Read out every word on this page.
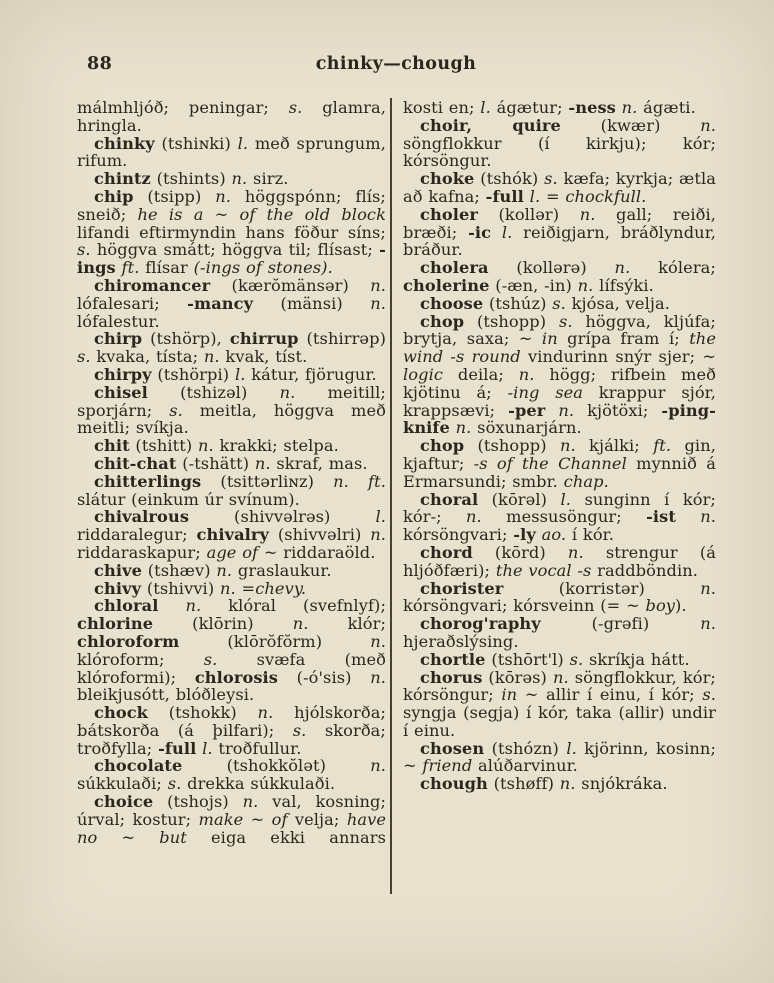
88	chinky—chough

málmhljóð; peningar; s. glamra, hringla.

chinky (tshiɴki) l. með sprungum, rifum.

chintz (tshints) n. sirz.

chip (tsipp) n. höggspónn; flís; sneið; he is a ~ of the old block lifandi eftirmyndin hans föður síns; s. höggva smátt; höggva til; flísast; -ings ft. flísar (-ings of stones).

chiromancer (kærŏmänsər) n. lófalesari; -mancy (mänsi) n. lófalestur.

chirp (tshörp), chirrup (tshirrəp) s. kvaka, tísta; n. kvak, tíst.

chirpy (tshörpi) l. kátur, fjörugur.

chisel (tshizəl) n. meitill; sporjárn; s. meitla, höggva með meitli; svíkja.

chit (tshitt) n. krakki; stelpa.

chit-chat (-tshätt) n. skraf, mas.

chitterlings (tsittərliɴz) n. ft. slátur (einkum úr svínum).

chivalrous (shivvəlrəs) l. riddaralegur; chivalry (shivvəlri) n. riddaraskapur; age of ~ riddaraöld.

chive (tshæv) n. graslaukur.

chivy (tshivvi) n. =chevy.

chloral n. klóral (svefnlyf); chlorine (klōrin) n. klór; chloroform (klōrŏfŏrm) n. klóroform; s. svæfa (með klóroformi); chlorosis (-ó'sis) n. bleikjusótt, blóðleysi.

chock (tshokk) n. hjólskorða; bátskorða (á þilfari); s. skorða; troðfylla; -full l. troðfullur.

chocolate (tshokkŏlət) n. súkkulaði; s. drekka súkkulaði.

choice (tshojs) n. val, kosning; úrval; kostur; make ~ of velja; have no ~ but eiga ekki annars

kosti en; l. ágætur; -ness n. ágæti.

choir, quire (kwær) n. söngflokkur (í kirkju); kór; kórsöngur.

choke (tshók) s. kæfa; kyrkja; ætla að kafna; -full l. = chockfull.

choler (kollər) n. gall; reiði, bræði; -ic l. reiðigjarn, bráðlyndur, bráður.

cholera (kollərə) n. kólera; cholerine (-æn, -in) n. lífsýki.

choose (tshúz) s. kjósa, velja.

chop (tshopp) s. höggva, kljúfa; brytja, saxa; ~ in grípa fram í; the wind -s round vindurinn snýr sjer; ~ logic deila; n. högg; rifbein með kjötinu á; -ing sea krappur sjór, krappsævi; -per n. kjötöxi; -ping-knife n. söxunarjárn.

chop (tshopp) n. kjálki; ft. gin, kjaftur; -s of the Channel mynnið á Ermarsundi; smbr. chap.

choral (kōrəl) l. sunginn í kór; kór-; n. messusöngur; -ist n. kórsöngvari; -ly ao. í kór.

chord (kōrd) n. strengur (á hljóðfæri); the vocal -s raddböndin.

chorister (korristər) n. kórsöngvari; kórsveinn (= ~ boy).

chorog'raphy (-grəfi) n. hjeraðslýsing.

chortle (tshōrt'l) s. skríkja hátt.

chorus (kōrəs) n. söngflokkur, kór; kórsöngur; in ~ allir í einu, í kór; s. syngja (segja) í kór, taka (allir) undir í einu.

chosen (tshózn) l. kjörinn, kosinn; ~ friend alúðarvinur.

chough (tshøff) n. snjókráka.
